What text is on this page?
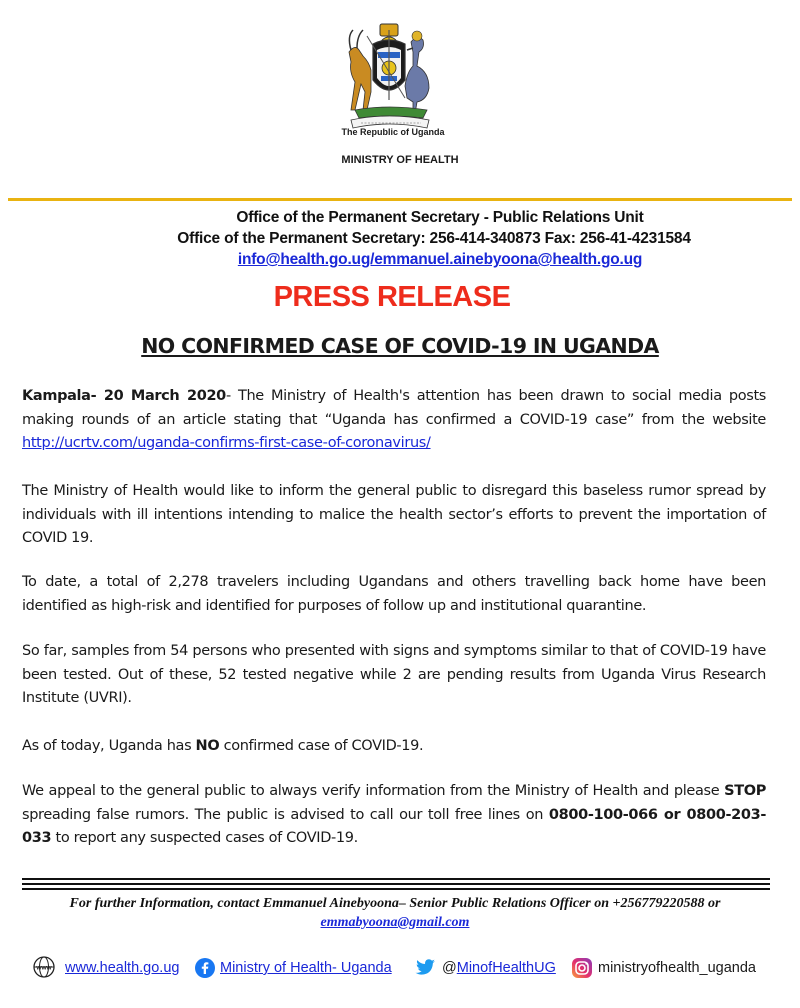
The Republic of Uganda
MINISTRY OF HEALTH
Office of the Permanent Secretary - Public Relations Unit
Office of the Permanent Secretary: 256-414-340873 Fax: 256-41-4231584
info@health.go.ug/emmanuel.ainebyoona@health.go.ug
PRESS RELEASE
NO CONFIRMED CASE OF COVID-19 IN UGANDA
Kampala- 20 March 2020- The Ministry of Health's attention has been drawn to social media posts making rounds of an article stating that “Uganda has confirmed a COVID-19 case” from the website http://ucrtv.com/uganda-confirms-first-case-of-coronavirus/
The Ministry of Health would like to inform the general public to disregard this baseless rumor spread by individuals with ill intentions intending to malice the health sector’s efforts to prevent the importation of COVID 19.
To date, a total of 2,278 travelers including Ugandans and others travelling back home have been identified as high-risk and identified for purposes of follow up and institutional quarantine.
So far, samples from 54 persons who presented with signs and symptoms similar to that of COVID-19 have been tested. Out of these, 52 tested negative while 2 are pending results from Uganda Virus Research Institute (UVRI).
As of today, Uganda has NO confirmed case of COVID-19.
We appeal to the general public to always verify information from the Ministry of Health and please STOP spreading false rumors. The public is advised to call our toll free lines on 0800-100-066 or 0800-203-033 to report any suspected cases of COVID-19.
For further Information, contact Emmanuel Ainebyoona– Senior Public Relations Officer on +256779220588 or
emmabyoona@gmail.com
www www.health.go.ug	Ministry of Health- Uganda	@ MinofHealthUG	ministryofhealth_uganda
